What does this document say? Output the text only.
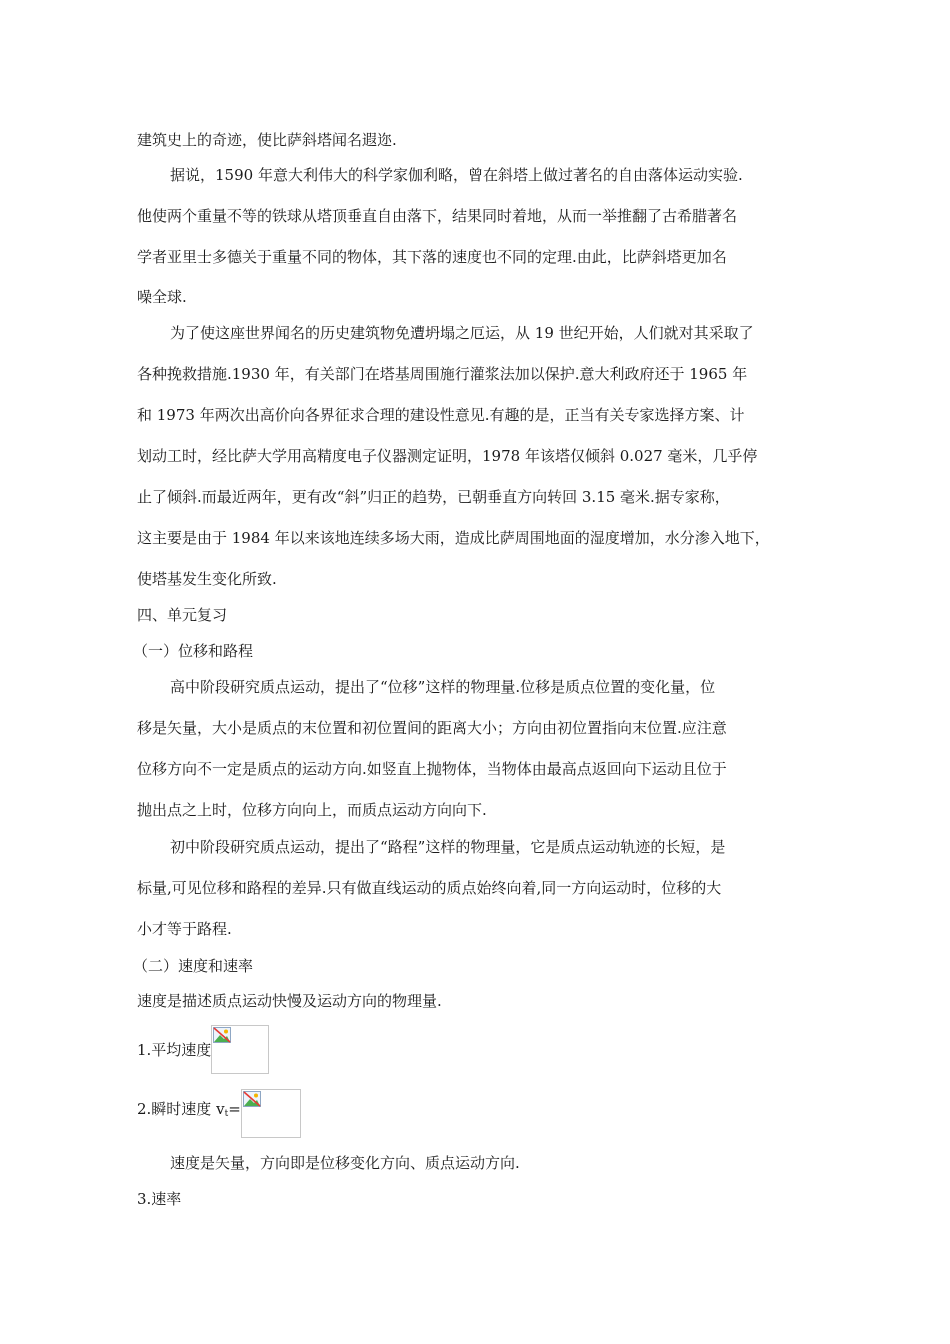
建筑史上的奇迹，使比萨斜塔闻名遐迩.
据说，1590 年意大利伟大的科学家伽利略，曾在斜塔上做过著名的自由落体运动实验.
他使两个重量不等的铁球从塔顶垂直自由落下，结果同时着地，从而一举推翻了古希腊著名
学者亚里士多德关于重量不同的物体，其下落的速度也不同的定理.由此，比萨斜塔更加名
噪全球.
为了使这座世界闻名的历史建筑物免遭坍塌之厄运，从 19 世纪开始，人们就对其采取了
各种挽救措施.1930 年，有关部门在塔基周围施行灌浆法加以保护.意大利政府还于 1965 年
和 1973 年两次出高价向各界征求合理的建设性意见.有趣的是，正当有关专家选择方案、计
划动工时，经比萨大学用高精度电子仪器测定证明，1978 年该塔仅倾斜 0.027 毫米，几乎停
止了倾斜.而最近两年，更有改“斜”归正的趋势，已朝垂直方向转回 3.15 毫米.据专家称，
这主要是由于 1984 年以来该地连续多场大雨，造成比萨周围地面的湿度增加，水分渗入地下，
使塔基发生变化所致.
四、单元复习
（一）位移和路程
高中阶段研究质点运动，提出了“位移”这样的物理量.位移是质点位置的变化量，位
移是矢量，大小是质点的末位置和初位置间的距离大小；方向由初位置指向末位置.应注意
位移方向不一定是质点的运动方向.如竖直上抛物体，当物体由最高点返回向下运动且位于
抛出点之上时，位移方向向上，而质点运动方向向下.
初中阶段研究质点运动，提出了“路程”这样的物理量，它是质点运动轨迹的长短，是
标量,可见位移和路程的差异.只有做直线运动的质点始终向着,同一方向运动时，位移的大
小才等于路程.
（二）速度和速率
速度是描述质点运动快慢及运动方向的物理量.
1.平均速度
2.瞬时速度 vt=
速度是矢量，方向即是位移变化方向、质点运动方向.
3.速率
